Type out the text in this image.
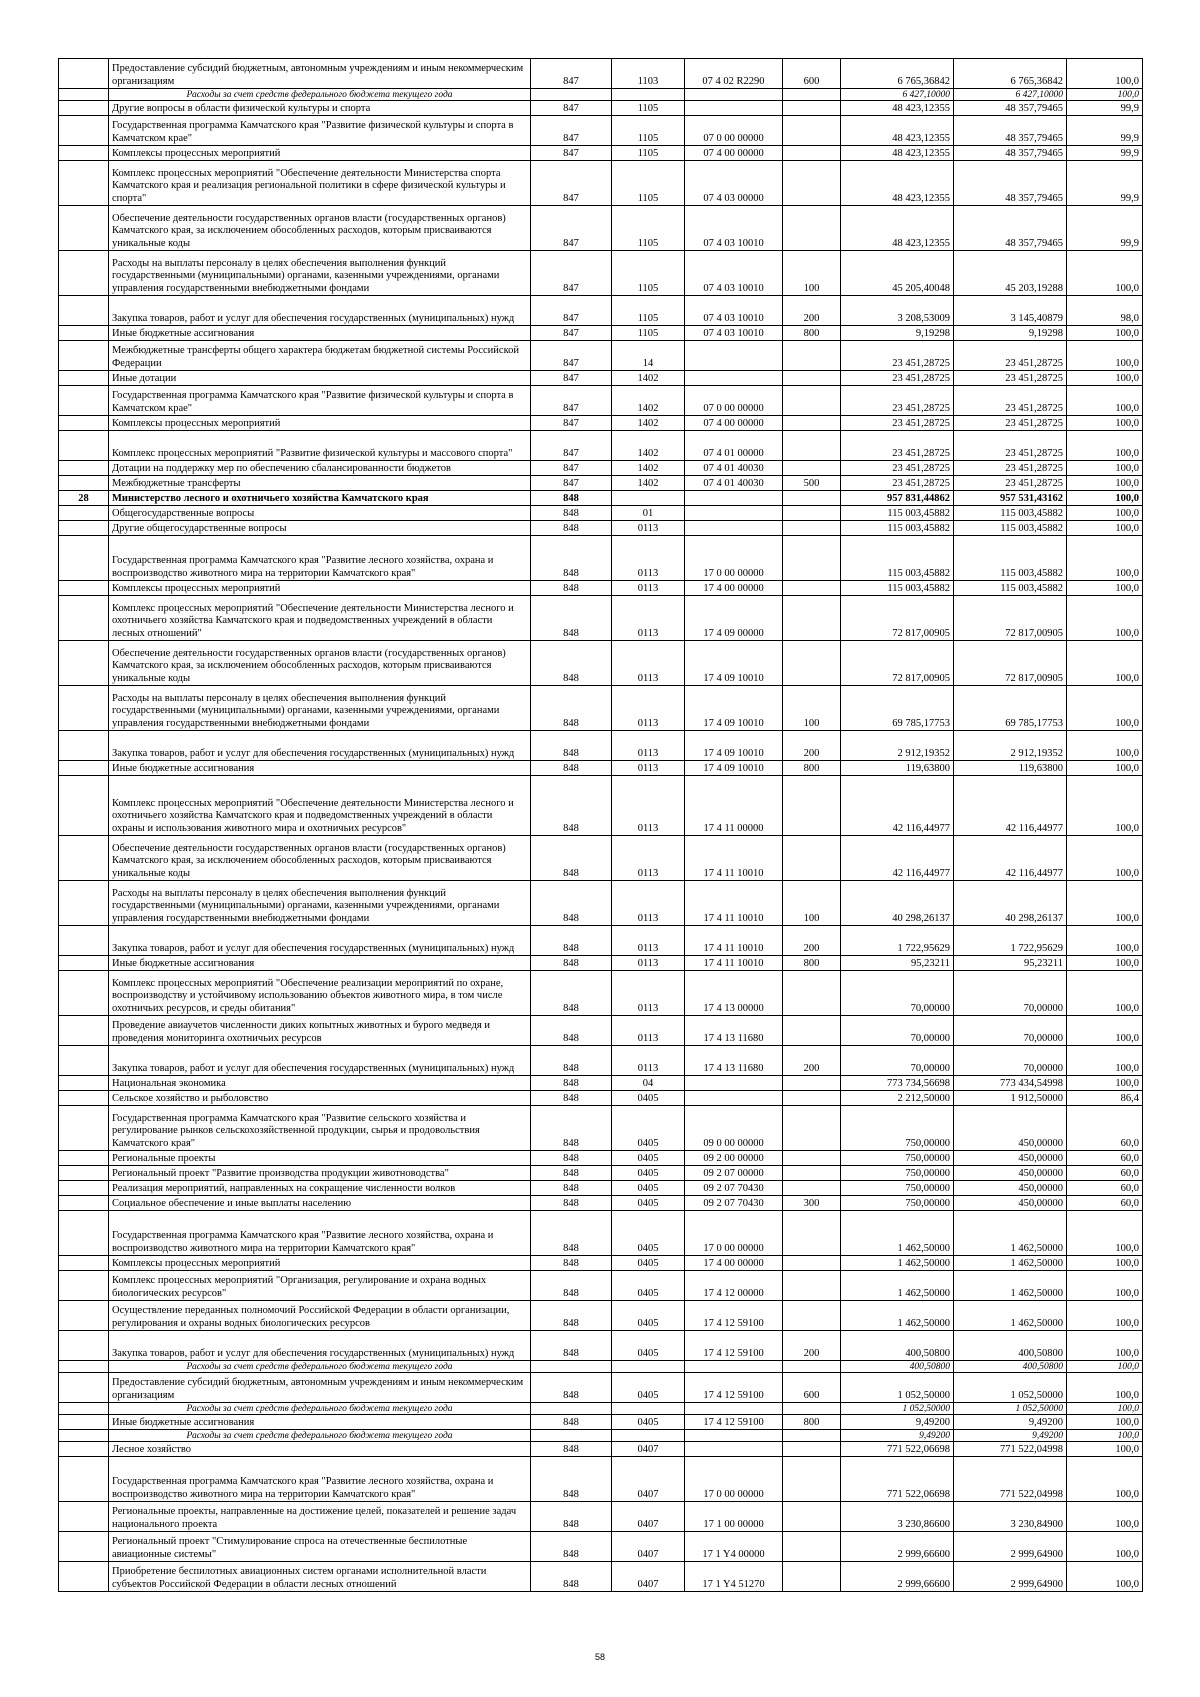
	Предоставление субсидий бюджетным, автономным учреждениям и иным некоммерческим организациям	847	1103	07 4 02 R2290	600	6 765,36842	6 765,36842	100,0
	Расходы за счет средств федерального бюджета текущего года					6 427,10000	6 427,10000	100,0
	Другие вопросы в области физической культуры и спорта	847	1105			48 423,12355	48 357,79465	99,9
	Государственная программа Камчатского края "Развитие физической культуры и спорта в Камчатском крае"	847	1105	07 0 00 00000		48 423,12355	48 357,79465	99,9
	Комплексы процессных мероприятий	847	1105	07 4 00 00000		48 423,12355	48 357,79465	99,9
	Комплекс процессных мероприятий "Обеспечение деятельности Министерства спорта Камчатского края и реализация региональной политики в сфере физической культуры и спорта"	847	1105	07 4 03 00000		48 423,12355	48 357,79465	99,9
	Обеспечение деятельности государственных органов власти (государственных органов) Камчатского края, за исключением обособленных расходов, которым присваиваются уникальные коды	847	1105	07 4 03 10010		48 423,12355	48 357,79465	99,9
	Расходы на выплаты персоналу в целях обеспечения выполнения функций государственными (муниципальными) органами, казенными учреждениями, органами управления государственными внебюджетными фондами	847	1105	07 4 03 10010	100	45 205,40048	45 203,19288	100,0
	Закупка товаров, работ и услуг для обеспечения государственных (муниципальных) нужд	847	1105	07 4 03 10010	200	3 208,53009	3 145,40879	98,0
	Иные бюджетные ассигнования	847	1105	07 4 03 10010	800	9,19298	9,19298	100,0
	Межбюджетные трансферты общего характера бюджетам бюджетной системы Российской Федерации	847	14			23 451,28725	23 451,28725	100,0
	Иные дотации	847	1402			23 451,28725	23 451,28725	100,0
	Государственная программа Камчатского края "Развитие физической культуры и спорта в Камчатском крае"	847	1402	07 0 00 00000		23 451,28725	23 451,28725	100,0
	Комплексы процессных мероприятий	847	1402	07 4 00 00000		23 451,28725	23 451,28725	100,0
	Комплекс процессных мероприятий "Развитие физической культуры и массового спорта"	847	1402	07 4 01 00000		23 451,28725	23 451,28725	100,0
	Дотации на поддержку мер по обеспечению сбалансированности бюджетов	847	1402	07 4 01 40030		23 451,28725	23 451,28725	100,0
	Межбюджетные трансферты	847	1402	07 4 01 40030	500	23 451,28725	23 451,28725	100,0
28	Министерство лесного и охотничьего хозяйства Камчатского края	848				957 831,44862	957 531,43162	100,0
	Общегосударственные вопросы	848	01			115 003,45882	115 003,45882	100,0
	Другие общегосударственные вопросы	848	0113			115 003,45882	115 003,45882	100,0
	Государственная программа Камчатского края "Развитие лесного хозяйства, охрана и воспроизводство животного мира на территории Камчатского края"	848	0113	17 0 00 00000		115 003,45882	115 003,45882	100,0
	Комплексы процессных мероприятий	848	0113	17 4 00 00000		115 003,45882	115 003,45882	100,0
	Комплекс процессных мероприятий "Обеспечение деятельности Министерства лесного и охотничьего хозяйства Камчатского края и подведомственных учреждений в области лесных отношений"	848	0113	17 4 09 00000		72 817,00905	72 817,00905	100,0
	Обеспечение деятельности государственных органов власти (государственных органов) Камчатского края, за исключением обособленных расходов, которым присваиваются уникальные коды	848	0113	17 4 09 10010		72 817,00905	72 817,00905	100,0
	Расходы на выплаты персоналу в целях обеспечения выполнения функций государственными (муниципальными) органами, казенными учреждениями, органами управления государственными внебюджетными фондами	848	0113	17 4 09 10010	100	69 785,17753	69 785,17753	100,0
	Закупка товаров, работ и услуг для обеспечения государственных (муниципальных) нужд	848	0113	17 4 09 10010	200	2 912,19352	2 912,19352	100,0
	Иные бюджетные ассигнования	848	0113	17 4 09 10010	800	119,63800	119,63800	100,0
	Комплекс процессных мероприятий "Обеспечение деятельности Министерства лесного и охотничьего хозяйства Камчатского края и подведомственных учреждений в области охраны и использования животного мира и охотничьих ресурсов"	848	0113	17 4 11 00000		42 116,44977	42 116,44977	100,0
	Обеспечение деятельности государственных органов власти (государственных органов) Камчатского края, за исключением обособленных расходов, которым присваиваются уникальные коды	848	0113	17 4 11 10010		42 116,44977	42 116,44977	100,0
	Расходы на выплаты персоналу в целях обеспечения выполнения функций государственными (муниципальными) органами, казенными учреждениями, органами управления государственными внебюджетными фондами	848	0113	17 4 11 10010	100	40 298,26137	40 298,26137	100,0
	Закупка товаров, работ и услуг для обеспечения государственных (муниципальных) нужд	848	0113	17 4 11 10010	200	1 722,95629	1 722,95629	100,0
	Иные бюджетные ассигнования	848	0113	17 4 11 10010	800	95,23211	95,23211	100,0
	Комплекс процессных мероприятий "Обеспечение реализации мероприятий по охране, воспроизводству и устойчивому использованию объектов животного мира, в том числе охотничьих ресурсов, и среды обитания"	848	0113	17 4 13 00000		70,00000	70,00000	100,0
	Проведение авиаучетов численности диких копытных животных и бурого медведя и проведения мониторинга охотничьих ресурсов	848	0113	17 4 13 11680		70,00000	70,00000	100,0
	Закупка товаров, работ и услуг для обеспечения государственных (муниципальных) нужд	848	0113	17 4 13 11680	200	70,00000	70,00000	100,0
	Национальная экономика	848	04			773 734,56698	773 434,54998	100,0
	Сельское хозяйство и рыболовство	848	0405			2 212,50000	1 912,50000	86,4
	Государственная программа Камчатского края "Развитие сельского хозяйства и регулирование рынков сельскохозяйственной продукции, сырья и продовольствия Камчатского края"	848	0405	09 0 00 00000		750,00000	450,00000	60,0
	Региональные проекты	848	0405	09 2 00 00000		750,00000	450,00000	60,0
	Региональный проект "Развитие производства продукции животноводства"	848	0405	09 2 07 00000		750,00000	450,00000	60,0
	Реализация мероприятий, направленных на сокращение численности волков	848	0405	09 2 07 70430		750,00000	450,00000	60,0
	Социальное обеспечение и иные выплаты населению	848	0405	09 2 07 70430	300	750,00000	450,00000	60,0
	Государственная программа Камчатского края "Развитие лесного хозяйства, охрана и воспроизводство животного мира на территории Камчатского края"	848	0405	17 0 00 00000		1 462,50000	1 462,50000	100,0
	Комплексы процессных мероприятий	848	0405	17 4 00 00000		1 462,50000	1 462,50000	100,0
	Комплекс процессных мероприятий "Организация, регулирование и охрана водных биологических ресурсов"	848	0405	17 4 12 00000		1 462,50000	1 462,50000	100,0
	Осуществление переданных полномочий Российской Федерации в области организации, регулирования и охраны водных биологических ресурсов	848	0405	17 4 12 59100		1 462,50000	1 462,50000	100,0
	Закупка товаров, работ и услуг для обеспечения государственных (муниципальных) нужд	848	0405	17 4 12 59100	200	400,50800	400,50800	100,0
	Расходы за счет средств федерального бюджета текущего года					400,50800	400,50800	100,0
	Предоставление субсидий бюджетным, автономным учреждениям и иным некоммерческим организациям	848	0405	17 4 12 59100	600	1 052,50000	1 052,50000	100,0
	Расходы за счет средств федерального бюджета текущего года					1 052,50000	1 052,50000	100,0
	Иные бюджетные ассигнования	848	0405	17 4 12 59100	800	9,49200	9,49200	100,0
	Расходы за счет средств федерального бюджета текущего года					9,49200	9,49200	100,0
	Лесное хозяйство	848	0407			771 522,06698	771 522,04998	100,0
	Государственная программа Камчатского края "Развитие лесного хозяйства, охрана и воспроизводство животного мира на территории Камчатского края"	848	0407	17 0 00 00000		771 522,06698	771 522,04998	100,0
	Региональные проекты, направленные на достижение целей, показателей и решение задач национального проекта	848	0407	17 1 00 00000		3 230,86600	3 230,84900	100,0
	Региональный проект "Стимулирование спроса на отечественные беспилотные авиационные системы"	848	0407	17 1 Y4 00000		2 999,66600	2 999,64900	100,0
	Приобретение беспилотных авиационных систем органами исполнительной власти субъектов Российской Федерации в области лесных отношений	848	0407	17 1 Y4 51270		2 999,66600	2 999,64900	100,0
58
